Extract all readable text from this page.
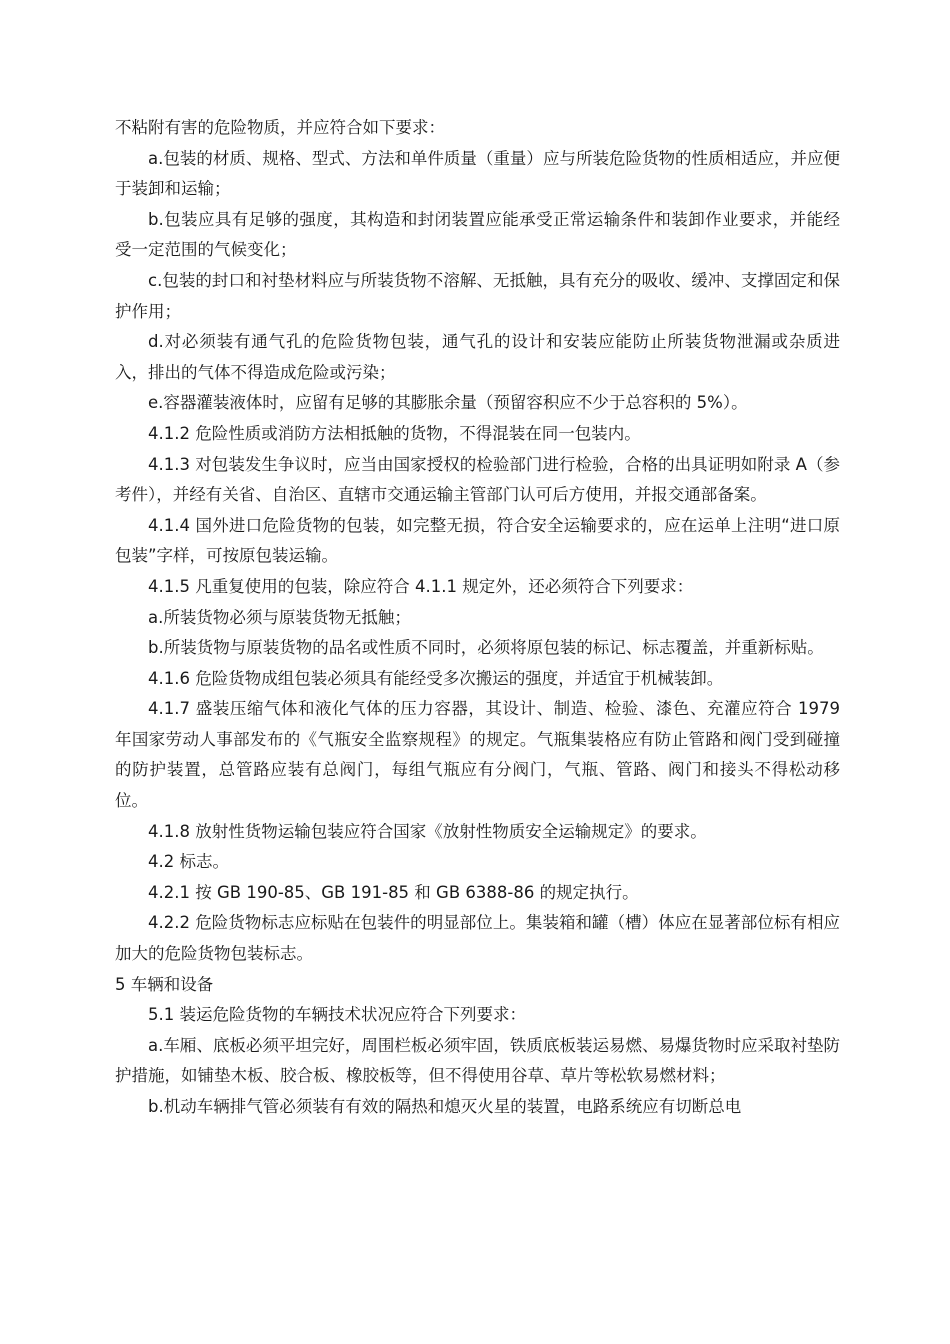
不粘附有害的危险物质，并应符合如下要求：

a.包装的材质、规格、型式、方法和单件质量（重量）应与所装危险货物的性质相适应，并应便于装卸和运输；

b.包装应具有足够的强度，其构造和封闭装置应能承受正常运输条件和装卸作业要求，并能经受一定范围的气候变化；

c.包装的封口和衬垫材料应与所装货物不溶解、无抵触，具有充分的吸收、缓冲、支撑固定和保护作用；

d.对必须装有通气孔的危险货物包装，通气孔的设计和安装应能防止所装货物泄漏或杂质进入，排出的气体不得造成危险或污染；

e.容器灌装液体时，应留有足够的其膨胀余量（预留容积应不少于总容积的 5%）。

4.1.2 危险性质或消防方法相抵触的货物，不得混装在同一包装内。

4.1.3 对包装发生争议时，应当由国家授权的检验部门进行检验，合格的出具证明如附录 A（参考件），并经有关省、自治区、直辖市交通运输主管部门认可后方使用，并报交通部备案。

4.1.4 国外进口危险货物的包装，如完整无损，符合安全运输要求的，应在运单上注明“进口原包装”字样，可按原包装运输。

4.1.5 凡重复使用的包装，除应符合 4.1.1 规定外，还必须符合下列要求：

a.所装货物必须与原装货物无抵触；

b.所装货物与原装货物的品名或性质不同时，必须将原包装的标记、标志覆盖，并重新标贴。

4.1.6 危险货物成组包装必须具有能经受多次搬运的强度，并适宜于机械装卸。

4.1.7 盛装压缩气体和液化气体的压力容器，其设计、制造、检验、漆色、充灌应符合 1979 年国家劳动人事部发布的《气瓶安全监察规程》的规定。气瓶集装格应有防止管路和阀门受到碰撞的防护装置，总管路应装有总阀门，每组气瓶应有分阀门，气瓶、管路、阀门和接头不得松动移位。

4.1.8 放射性货物运输包装应符合国家《放射性物质安全运输规定》的要求。

4.2 标志。

4.2.1 按 GB 190-85、GB 191-85 和 GB 6388-86 的规定执行。

4.2.2 危险货物标志应标贴在包装件的明显部位上。集装箱和罐（槽）体应在显著部位标有相应加大的危险货物包装标志。

5 车辆和设备

5.1 装运危险货物的车辆技术状况应符合下列要求：

a.车厢、底板必须平坦完好，周围栏板必须牢固，铁质底板装运易燃、易爆货物时应采取衬垫防护措施，如铺垫木板、胶合板、橡胶板等，但不得使用谷草、草片等松软易燃材料；

b.机动车辆排气管必须装有有效的隔热和熄灭火星的装置，电路系统应有切断总电
